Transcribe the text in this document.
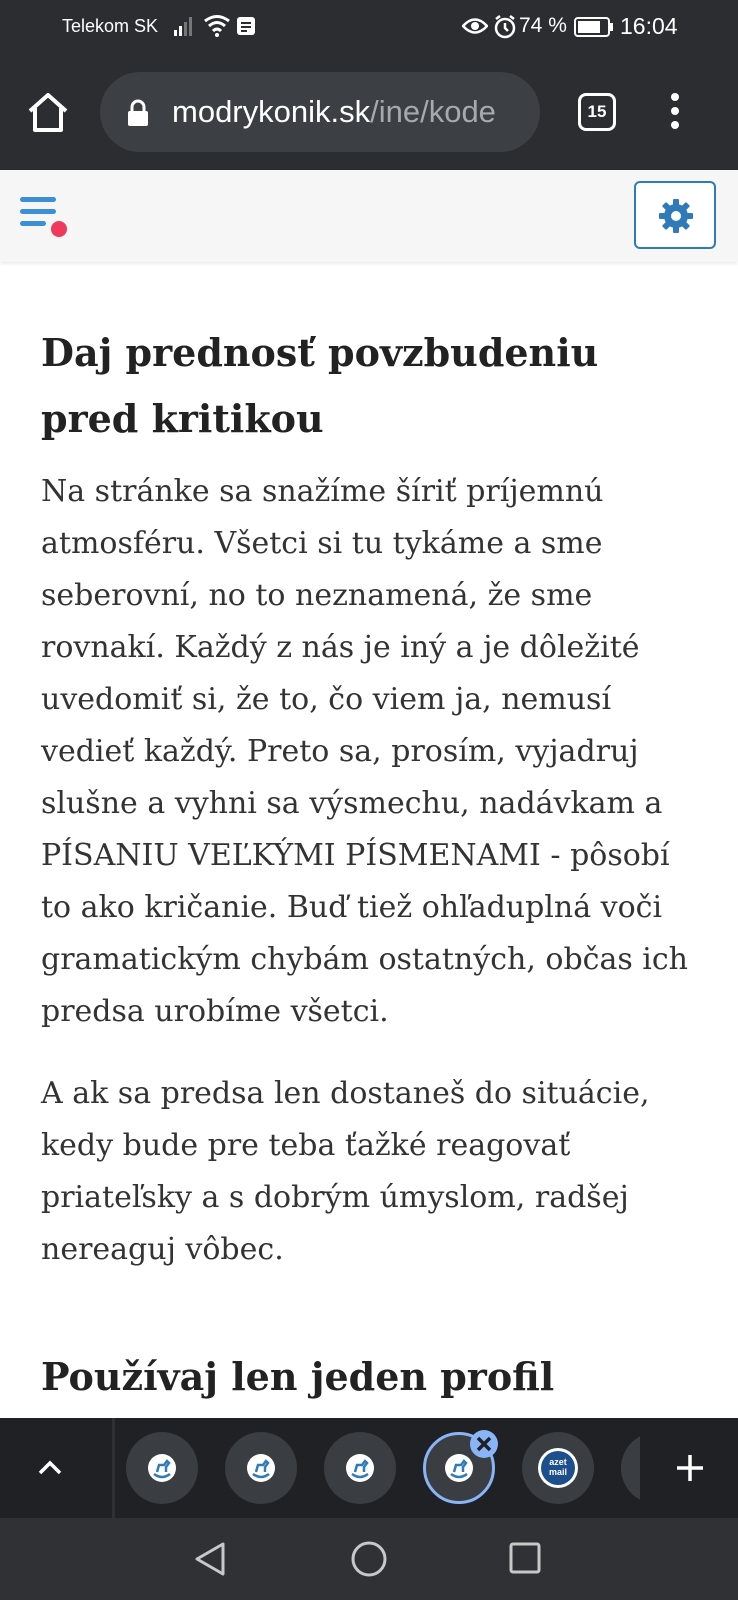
Telekom SK	74 % 16:04
modrykonik.sk/ine/kode	15
Daj prednosť povzbudeniu pred kritikou

Na stránke sa snažíme šíriť príjemnú atmosféru. Všetci si tu tykáme a sme seberovní, no to neznamená, že sme rovnakí. Každý z nás je iný a je dôležité uvedomiť si, že to, čo viem ja, nemusí vedieť každý. Preto sa, prosím, vyjadruj slušne a vyhni sa výsmechu, nadávkam a PÍSANIU VEĽKÝMI PÍSMENAMI - pôsobí to ako kričanie. Buď tiež ohľaduplná voči gramatickým chybám ostatných, občas ich predsa urobíme všetci.

A ak sa predsa len dostaneš do situácie, kedy bude pre teba ťažké reagovať priateľsky a s dobrým úmyslom, radšej nereaguj vôbec.

Používaj len jeden profil
azet mail
